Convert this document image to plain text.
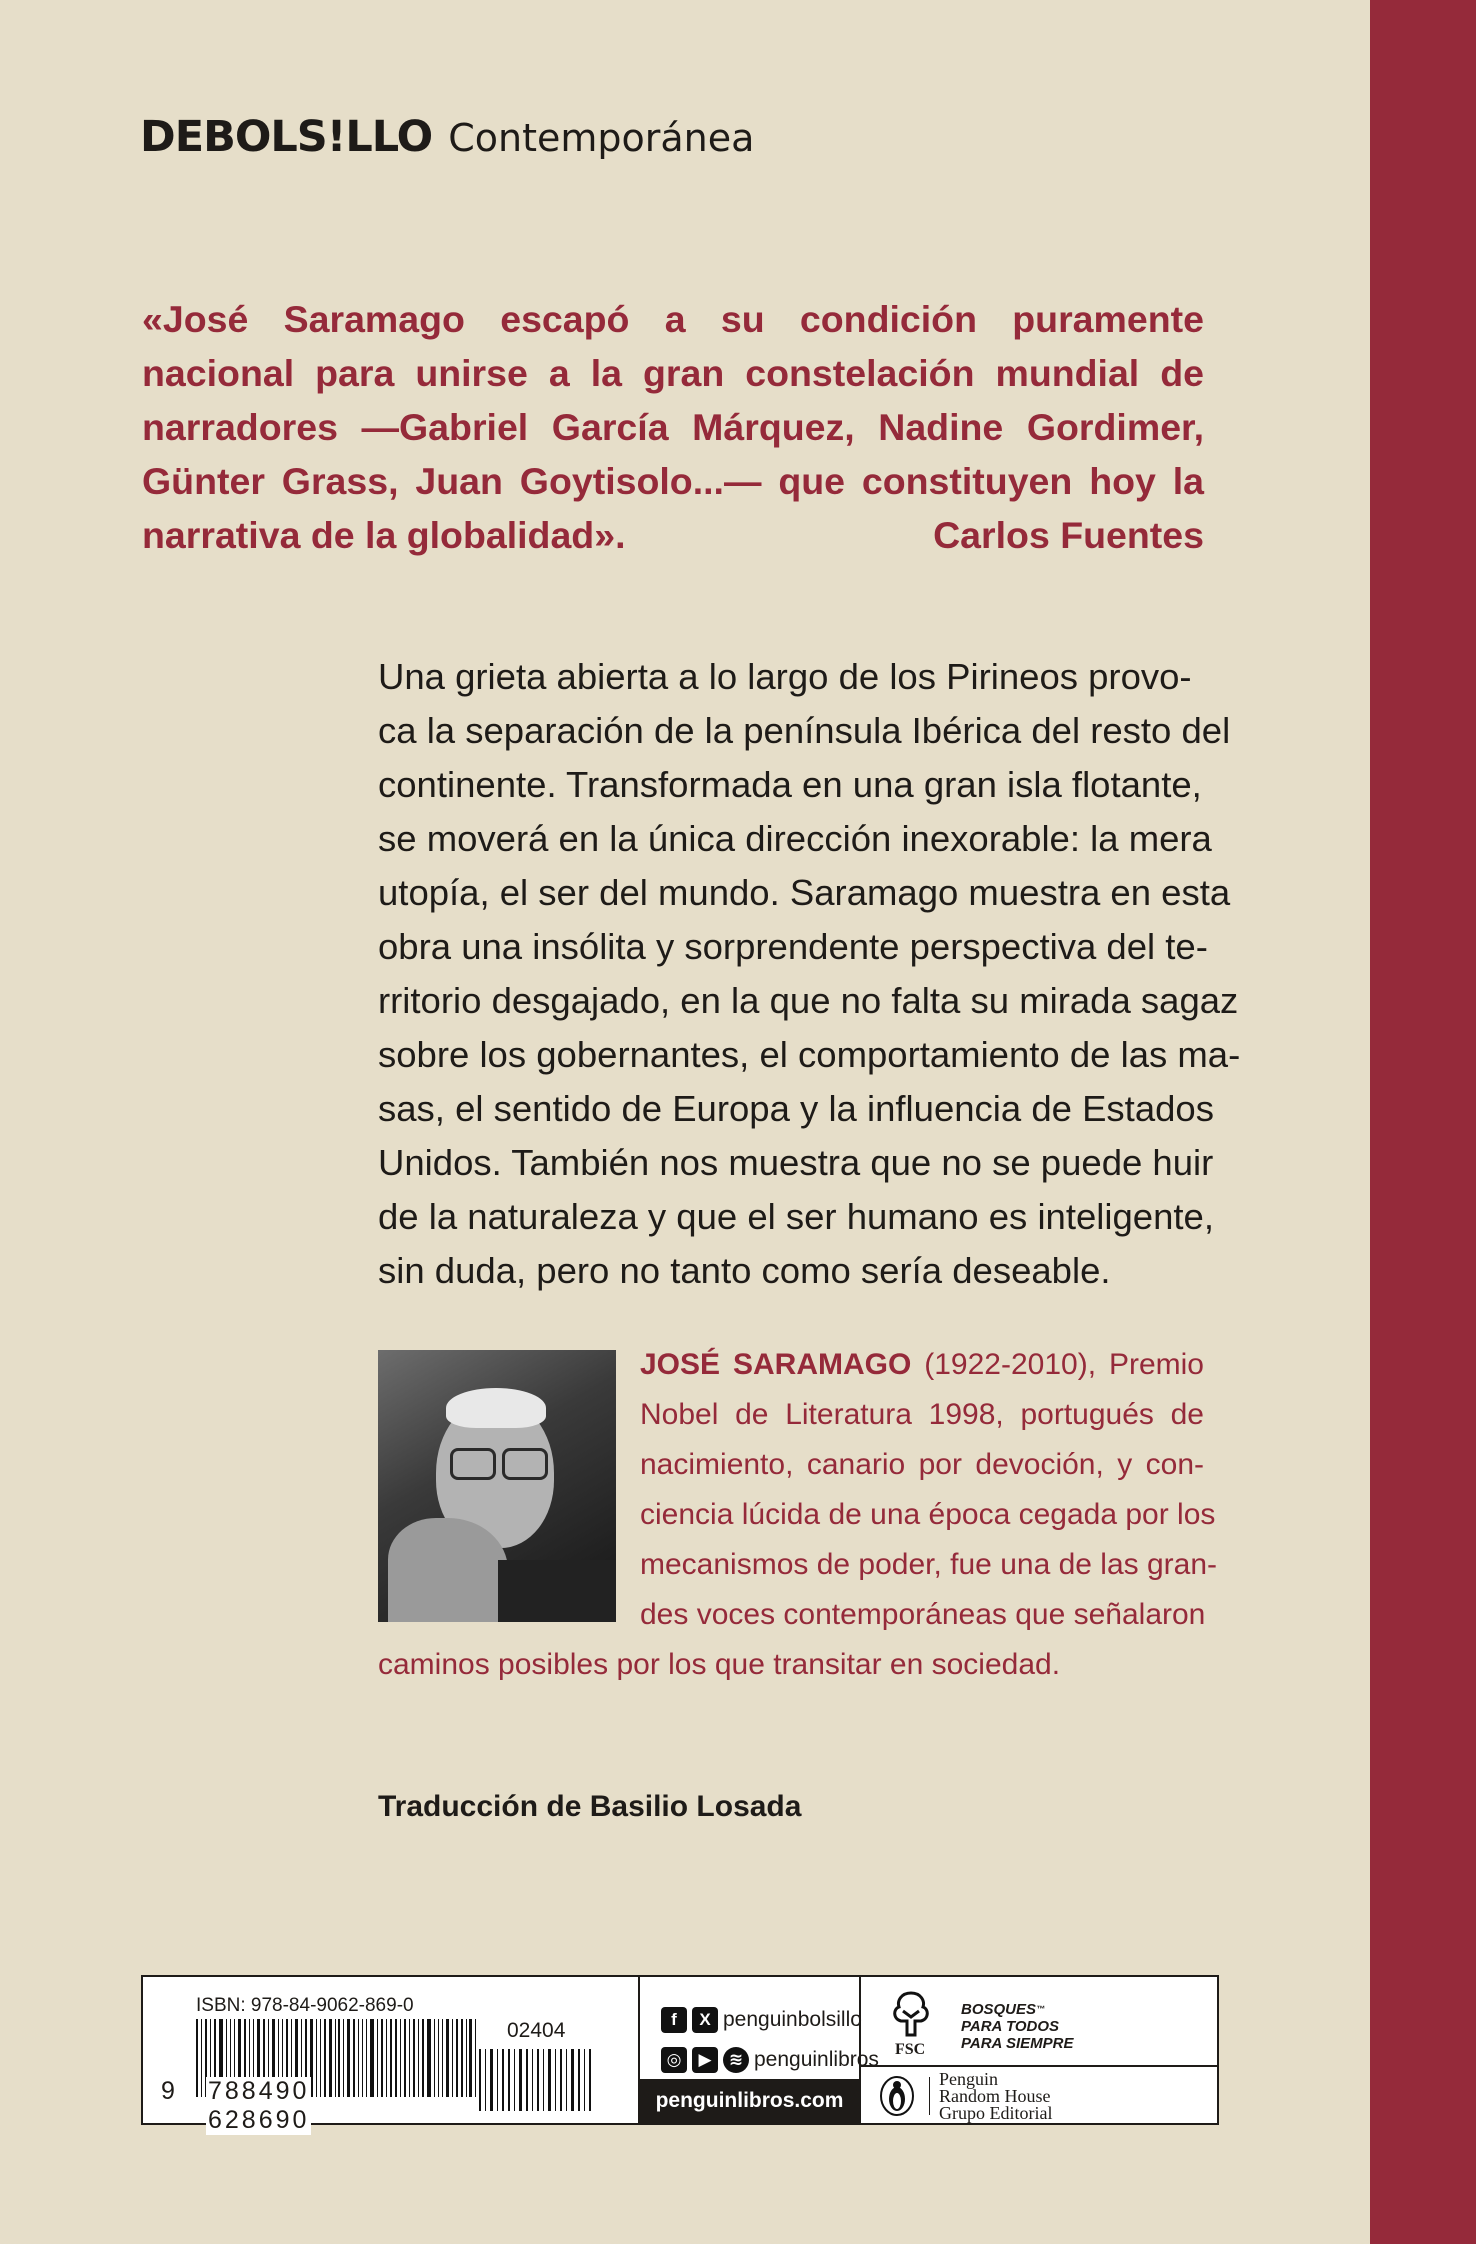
DEBOLS!LLO Contemporánea
«José Saramago escapó a su condición puramente nacional para unirse a la gran constelación mundial de narradores —Gabriel García Márquez, Nadine Gordimer, Günter Grass, Juan Goytisolo...— que constituyen hoy la narrativa de la globalidad».	Carlos Fuentes
Una grieta abierta a lo largo de los Pirineos provo-
ca la separación de la península Ibérica del resto del
continente. Transformada en una gran isla flotante,
se moverá en la única dirección inexorable: la mera
utopía, el ser del mundo. Saramago muestra en esta
obra una insólita y sorprendente perspectiva del te-
rritorio desgajado, en la que no falta su mirada sagaz
sobre los gobernantes, el comportamiento de las ma-
sas, el sentido de Europa y la influencia de Estados
Unidos. También nos muestra que no se puede huir
de la naturaleza y que el ser humano es inteligente,
sin duda, pero no tanto como sería deseable.
JOSÉ SARAMAGO (1922-2010), Premio
Nobel de Literatura 1998, portugués de
nacimiento, canario por devoción, y con-
ciencia lúcida de una época cegada por los
mecanismos de poder, fue una de las gran-
des voces contemporáneas que señalaron
caminos posibles por los que transitar en sociedad.
Traducción de Basilio Losada
ISBN: 978-84-9062-869-0
02404
9 788490 628690
f	X penguinbolsillo
◎	▶	≋ penguinlibros
penguinlibros.com
FSC
BOSQUES™
PARA TODOS
PARA SIEMPRE
Penguin
Random House
Grupo Editorial
